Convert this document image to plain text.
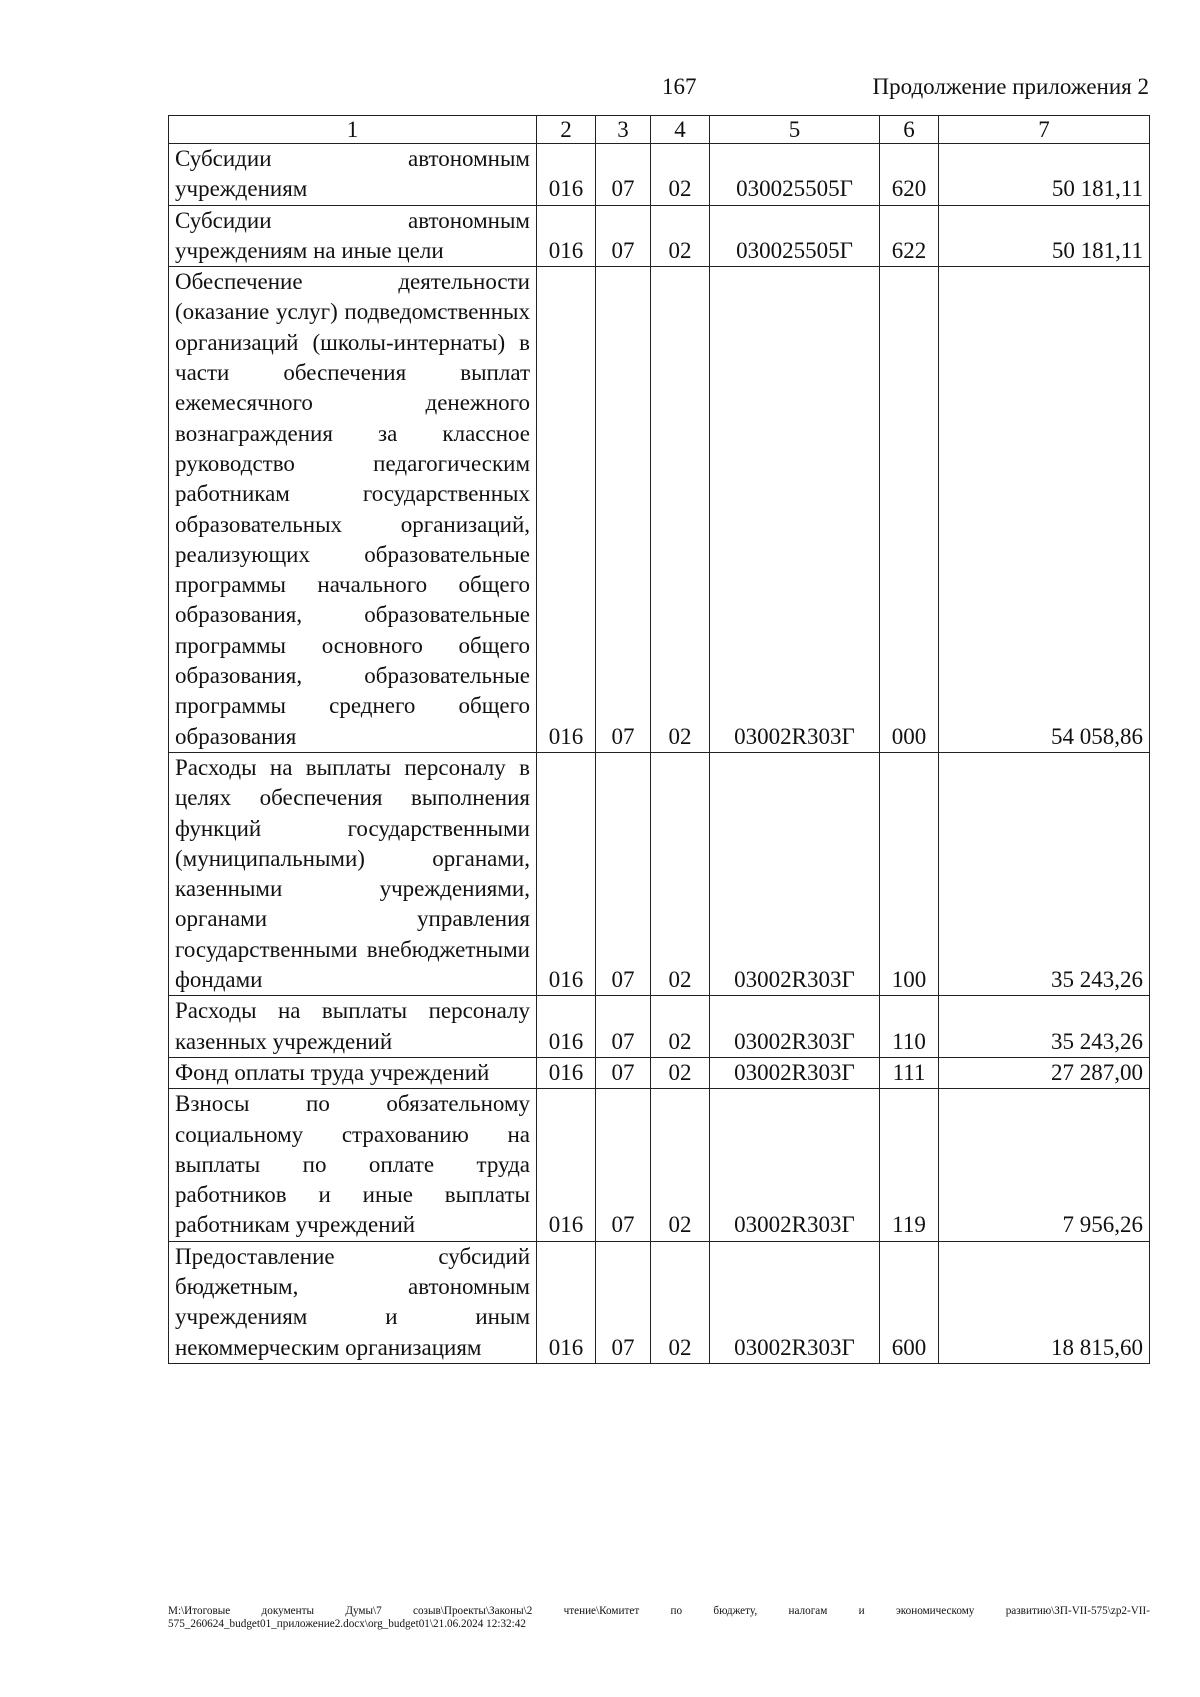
167	Продолжение приложения 2
1	2	3	4	5	6	7
Субсидии автономным учреждениям	016	07	02	030025505Г	620	50 181,11
Субсидии автономным учреждениям на иные цели	016	07	02	030025505Г	622	50 181,11
Обеспечение деятельности (оказание услуг) подведомственных организаций (школы-интернаты) в части обеспечения выплат ежемесячного денежного вознаграждения за классное руководство педагогическим работникам государственных образовательных организаций, реализующих образовательные программы начального общего образования, образовательные программы основного общего образования, образовательные программы среднего общего образования	016	07	02	03002R303Г	000	54 058,86
Расходы на выплаты персоналу в целях обеспечения выполнения функций государственными (муниципальными) органами, казенными учреждениями, органами управления государственными внебюджетными фондами	016	07	02	03002R303Г	100	35 243,26
Расходы на выплаты персоналу казенных учреждений	016	07	02	03002R303Г	110	35 243,26
Фонд оплаты труда учреждений	016	07	02	03002R303Г	111	27 287,00
Взносы по обязательному социальному страхованию на выплаты по оплате труда работников и иные выплаты работникам учреждений	016	07	02	03002R303Г	119	7 956,26
Предоставление субсидий бюджетным, автономным учреждениям и иным некоммерческим организациям	016	07	02	03002R303Г	600	18 815,60
M:\Итоговые документы Думы\7 созыв\Проекты\Законы\2 чтение\Комитет по бюджету, налогам и экономическому развитию\ЗП-VII-575\zp2-VII-575_260624_budget01_приложение2.docx\org_budget01\21.06.2024 12:32:42
